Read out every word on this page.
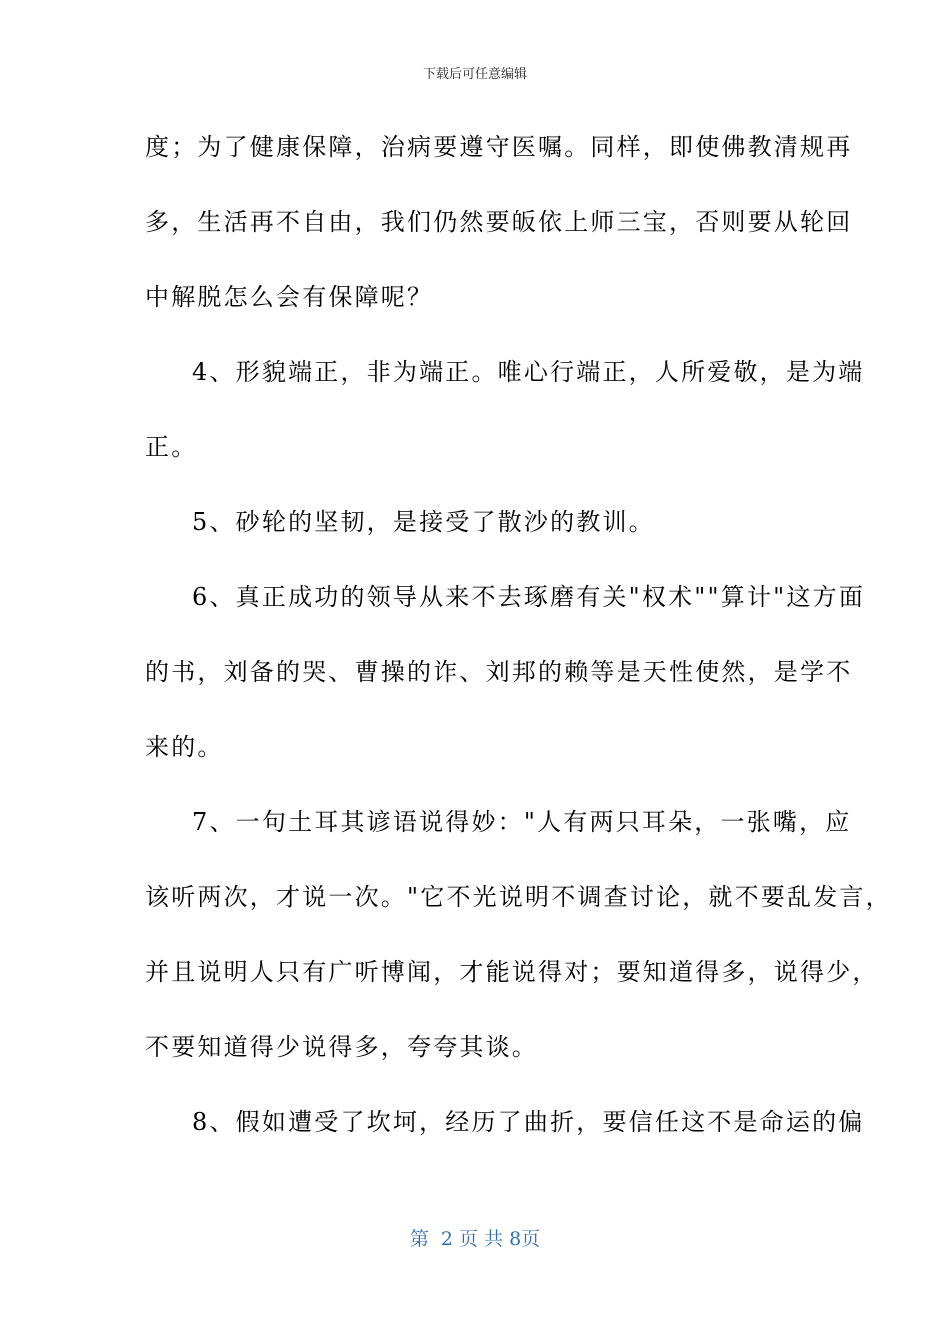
下载后可任意编辑
度；为了健康保障，治病要遵守医嘱。同样，即使佛教清规再
多，生活再不自由，我们仍然要皈依上师三宝，否则要从轮回
中解脱怎么会有保障呢？
4、形貌端正，非为端正。唯心行端正，人所爱敬，是为端
正。
5、砂轮的坚韧，是接受了散沙的教训。
6、真正成功的领导从来不去琢磨有关"权术""算计"这方面
的书，刘备的哭、曹操的诈、刘邦的赖等是天性使然，是学不
来的。
7、一句土耳其谚语说得妙："人有两只耳朵，一张嘴，应
该听两次，才说一次。"它不光说明不调查讨论，就不要乱发言，
并且说明人只有广听博闻，才能说得对；要知道得多，说得少，
不要知道得少说得多，夸夸其谈。
8、假如遭受了坎坷，经历了曲折，要信任这不是命运的偏
第  2 页 共 8页
